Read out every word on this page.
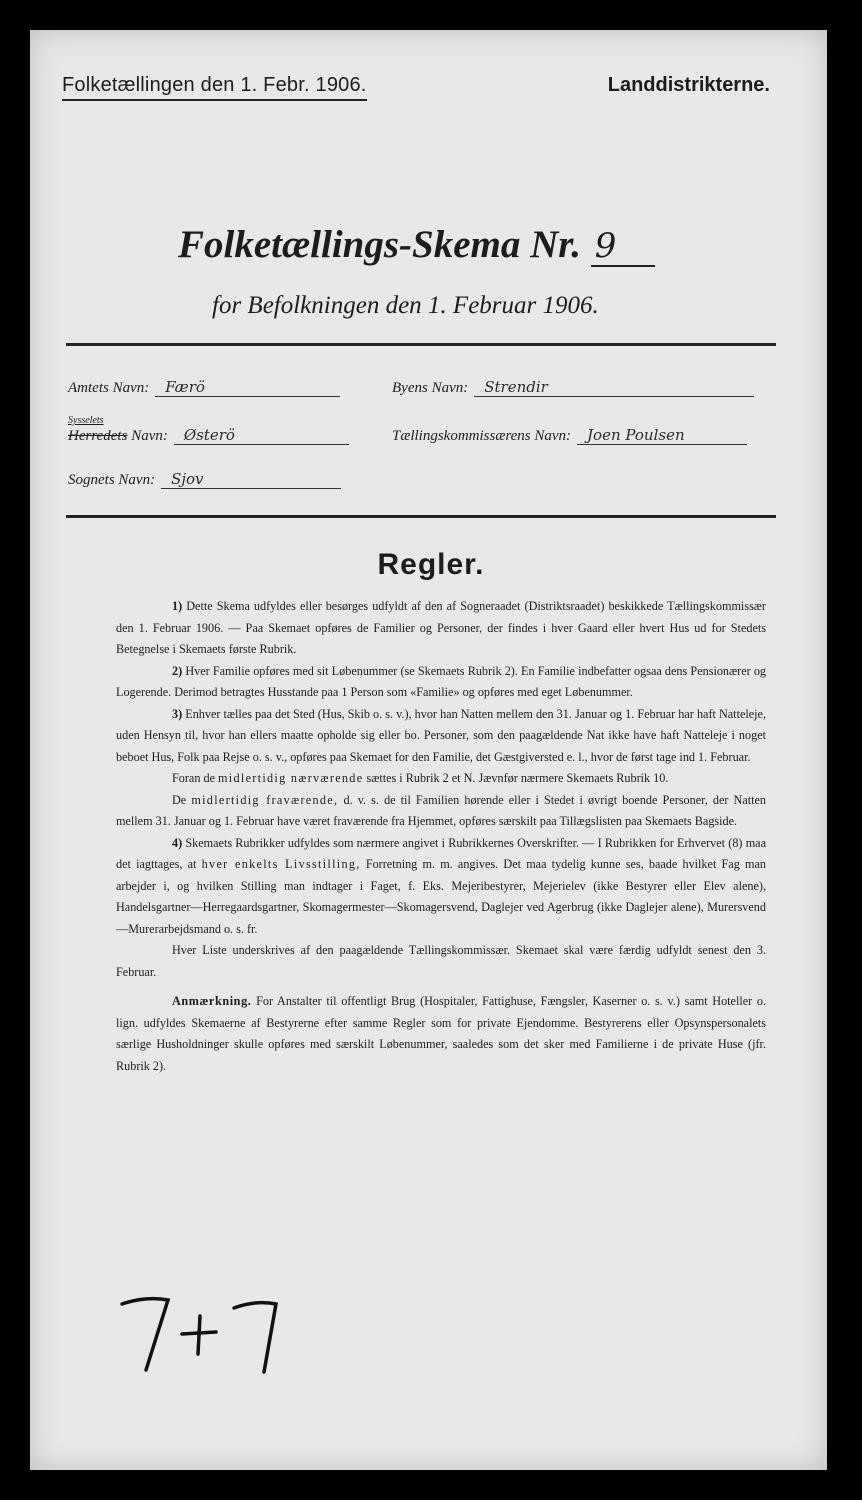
Folketællingen den 1. Febr. 1906.	Landdistrikterne.
Folketællings-Skema Nr. 9
for Befolkningen den 1. Februar 1906.
Amtets Navn: Færö
Sysselets
Herredets Navn: Østerö
Sognets Navn: Sjov
Byens Navn: Strendir
Tællingskommissærens Navn: Joen Poulsen
Regler.

1) Dette Skema udfyldes eller besørges udfyldt af den af Sogneraadet (Distriktsraadet) beskikkede Tællingskommissær den 1. Februar 1906. — Paa Skemaet opføres de Familier og Personer, der findes i hver Gaard eller hvert Hus ud for Stedets Betegnelse i Skemaets første Rubrik.

2) Hver Familie opføres med sit Løbenummer (se Skemaets Rubrik 2). En Familie indbefatter ogsaa dens Pensionærer og Logerende. Derimod betragtes Husstande paa 1 Person som «Familie» og opføres med eget Løbenummer.

3) Enhver tælles paa det Sted (Hus, Skib o. s. v.), hvor han Natten mellem den 31. Januar og 1. Februar har haft Natteleje, uden Hensyn til, hvor han ellers maatte opholde sig eller bo. Personer, som den paagældende Nat ikke have haft Natteleje i noget beboet Hus, Folk paa Rejse o. s. v., opføres paa Skemaet for den Familie, det Gæstgiversted e. l., hvor de først tage ind 1. Februar.

Foran de midlertidig nærværende sættes i Rubrik 2 et N. Jævnfør nærmere Skemaets Rubrik 10.

De midlertidig fraværende, d. v. s. de til Familien hørende eller i Stedet i øvrigt boende Personer, der Natten mellem 31. Januar og 1. Februar have været fraværende fra Hjemmet, opføres særskilt paa Tillægslisten paa Skemaets Bagside.

4) Skemaets Rubrikker udfyldes som nærmere angivet i Rubrikkernes Overskrifter. — I Rubrikken for Erhvervet (8) maa det iagttages, at hver enkelts Livsstilling, Forretning m. m. angives. Det maa tydelig kunne ses, baade hvilket Fag man arbejder i, og hvilken Stilling man indtager i Faget, f. Eks. Mejeribestyrer, Mejerielev (ikke Bestyrer eller Elev alene), Handelsgartner—Herregaardsgartner, Skomagermester—Skomagersvend, Daglejer ved Agerbrug (ikke Daglejer alene), Murersvend—Murerarbejdsmand o. s. fr.

Hver Liste underskrives af den paagældende Tællingskommissær. Skemaet skal være færdig udfyldt senest den 3. Februar.

Anmærkning. For Anstalter til offentligt Brug (Hospitaler, Fattighuse, Fængsler, Kaserner o. s. v.) samt Hoteller o. lign. udfyldes Skemaerne af Bestyrerne efter samme Regler som for private Ejendomme. Bestyrerens eller Opsynspersonalets særlige Husholdninger skulle opføres med særskilt Løbenummer, saaledes som det sker med Familierne i de private Huse (jfr. Rubrik 2).
